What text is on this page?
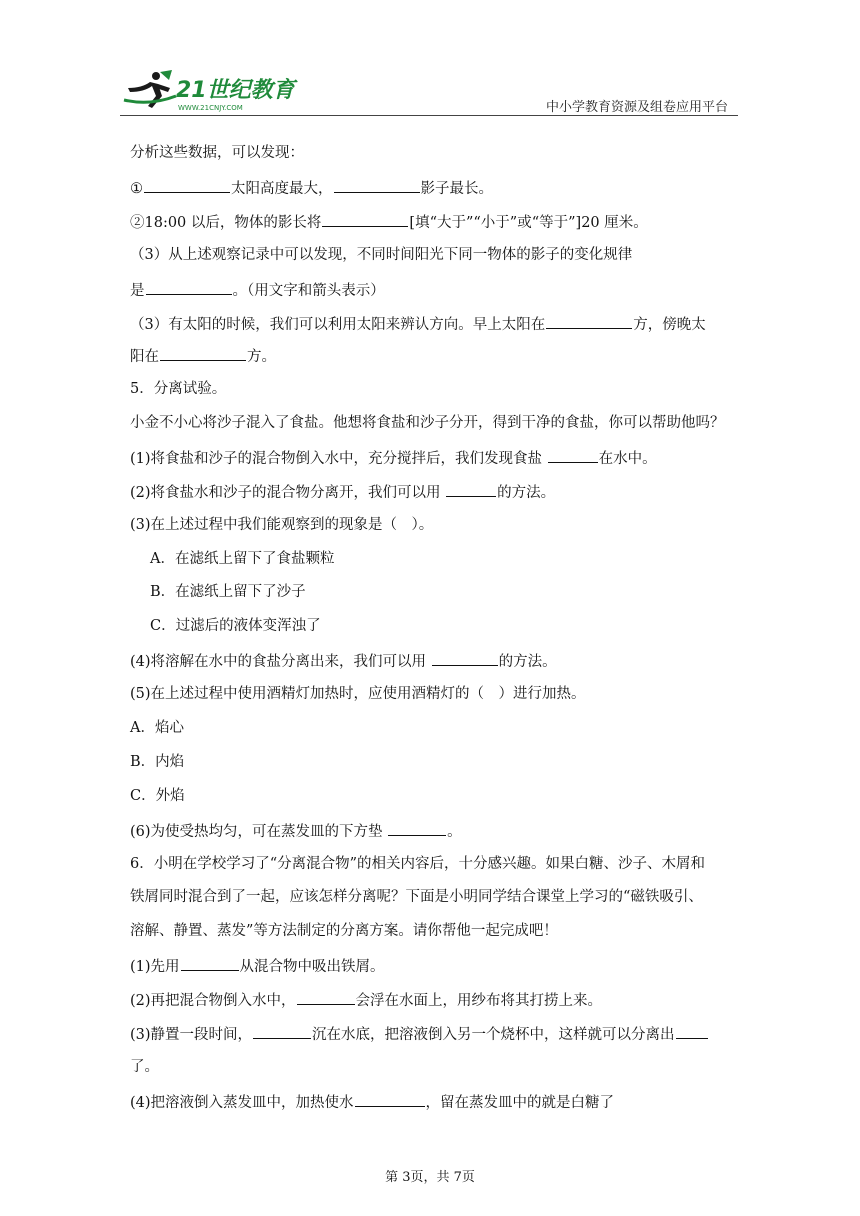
21世纪教育
WWW.21CNJY.COM	中小学教育资源及组卷应用平台
分析这些数据，可以发现：
①	太阳高度最大，	影子最长。
②18:00 以后，物体的影长将	[填“大于”“小于”或“等于”]20 厘米。
（3）从上述观察记录中可以发现，不同时间阳光下同一物体的影子的变化规律
是	。（用文字和箭头表示）
（3）有太阳的时候，我们可以利用太阳来辨认方向。早上太阳在	方，傍晚太
阳在	方。
5．分离试验。
小金不小心将沙子混入了食盐。他想将食盐和沙子分开，得到干净的食盐，你可以帮助他吗？
(1)将食盐和沙子的混合物倒入水中，充分搅拌后，我们发现食盐	在水中。
(2)将食盐水和沙子的混合物分离开，我们可以用	的方法。
(3)在上述过程中我们能观察到的现象是（　）。
A．在滤纸上留下了食盐颗粒
B．在滤纸上留下了沙子
C．过滤后的液体变浑浊了
(4)将溶解在水中的食盐分离出来，我们可以用	的方法。
(5)在上述过程中使用酒精灯加热时，应使用酒精灯的（　）进行加热。
A．焰心
B．内焰
C．外焰
(6)为使受热均匀，可在蒸发皿的下方垫	。
6．小明在学校学习了“分离混合物”的相关内容后，十分感兴趣。如果白糖、沙子、木屑和
铁屑同时混合到了一起，应该怎样分离呢？下面是小明同学结合课堂上学习的“磁铁吸引、
溶解、静置、蒸发”等方法制定的分离方案。请你帮他一起完成吧！
(1)先用	从混合物中吸出铁屑。
(2)再把混合物倒入水中，	会浮在水面上，用纱布将其打捞上来。
(3)静置一段时间，	沉在水底，把溶液倒入另一个烧杯中，这样就可以分离出
了。
(4)把溶液倒入蒸发皿中，加热使水	，留在蒸发皿中的就是白糖了
第 3页，共 7页
